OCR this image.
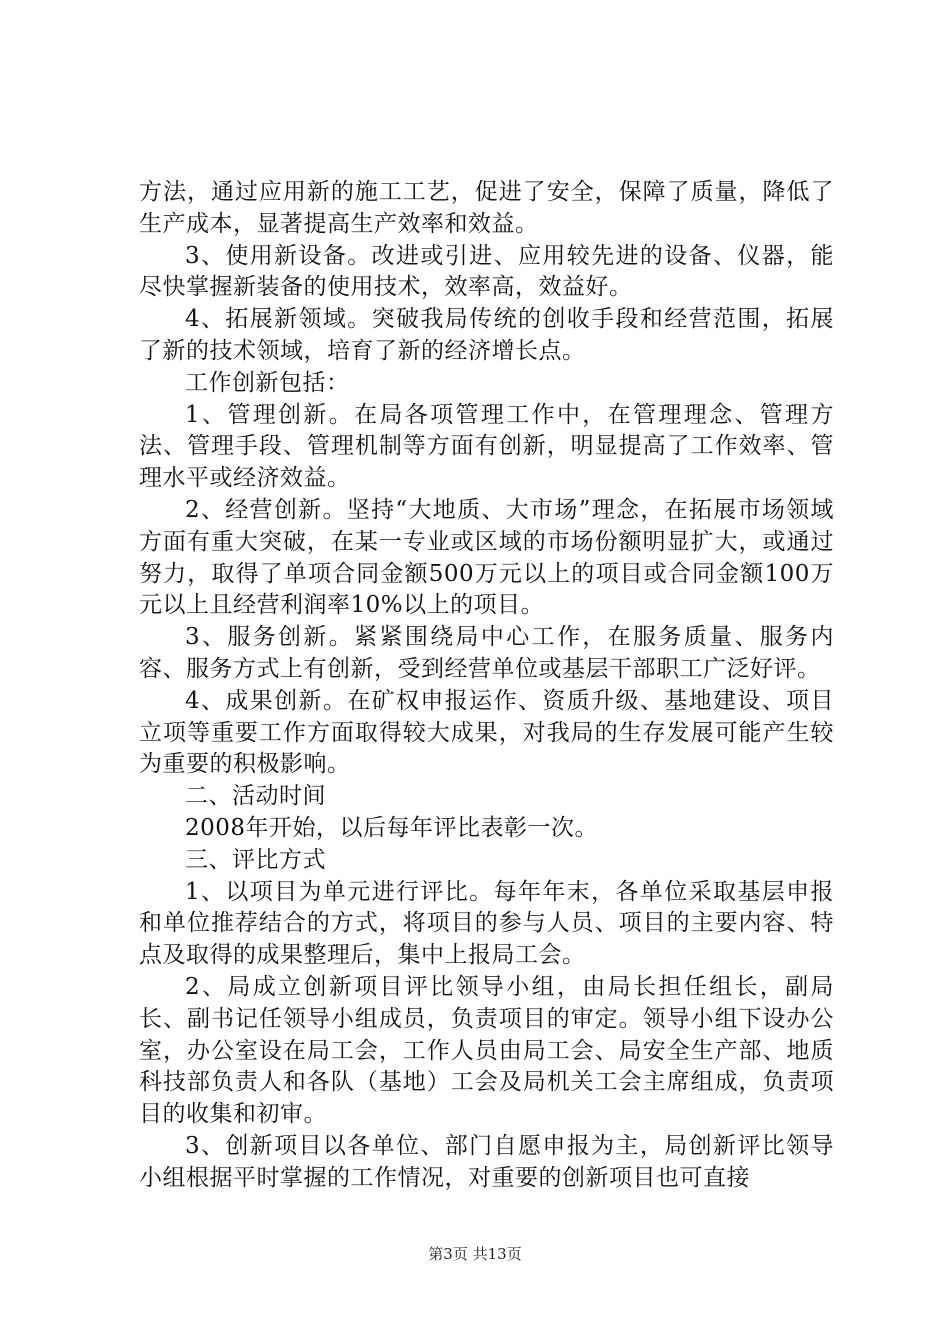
方法，通过应用新的施工工艺，促进了安全，保障了质量，降低了生产成本，显著提高生产效率和效益。

3、使用新设备。改进或引进、应用较先进的设备、仪器，能尽快掌握新装备的使用技术，效率高，效益好。

4、拓展新领域。突破我局传统的创收手段和经营范围，拓展了新的技术领域，培育了新的经济增长点。

工作创新包括：

1、管理创新。在局各项管理工作中，在管理理念、管理方法、管理手段、管理机制等方面有创新，明显提高了工作效率、管理水平或经济效益。

2、经营创新。坚持“大地质、大市场”理念，在拓展市场领域方面有重大突破，在某一专业或区域的市场份额明显扩大，或通过努力，取得了单项合同金额500万元以上的项目或合同金额100万元以上且经营利润率10%以上的项目。

3、服务创新。紧紧围绕局中心工作，在服务质量、服务内容、服务方式上有创新，受到经营单位或基层干部职工广泛好评。

4、成果创新。在矿权申报运作、资质升级、基地建设、项目立项等重要工作方面取得较大成果，对我局的生存发展可能产生较为重要的积极影响。

二、活动时间

2008年开始，以后每年评比表彰一次。

三、评比方式

1、以项目为单元进行评比。每年年末，各单位采取基层申报和单位推荐结合的方式，将项目的参与人员、项目的主要内容、特点及取得的成果整理后，集中上报局工会。

2、局成立创新项目评比领导小组，由局长担任组长，副局长、副书记任领导小组成员，负责项目的审定。领导小组下设办公室，办公室设在局工会，工作人员由局工会、局安全生产部、地质科技部负责人和各队（基地）工会及局机关工会主席组成，负责项目的收集和初审。

3、创新项目以各单位、部门自愿申报为主，局创新评比领导小组根据平时掌握的工作情况，对重要的创新项目也可直接

第3页 共13页
